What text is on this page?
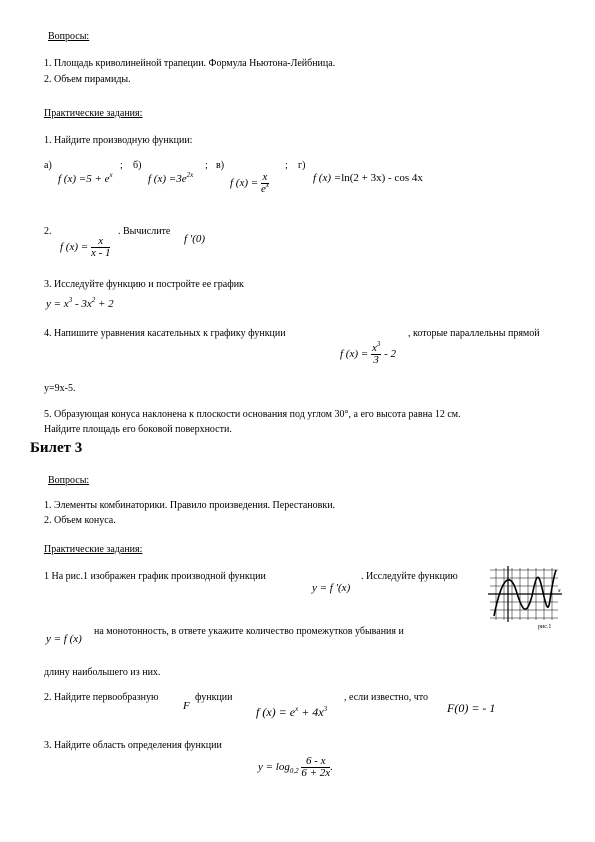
Вопросы:
1. Площадь криволинейной трапеции. Формула Ньютона-Лейбница.
2. Объем пирамиды.
Практические задания:
1. Найдите производную функции:
а)	; б)	; в)	; г)
f $(x) =5 + e^x$	f $(x) =3e^{2x}$
f $(x) = \frac{x}{e^x}$	f (x) =ln(2 + 3x) - cos 4x
2.
f $(x) = \frac{x}{x - 1}$
. Вычислите
f ′(0)
3. Исследуйте функцию и постройте ее график
$y = x^3 - 3x^2 + 2$
4. Напишите уравнения касательных к графику функции	, которые параллельны прямой
f $(x) = \frac{x^3}{3} - 2$
y=9x-5.
5. Образующая конуса наклонена к плоскости основания под углом 30°, а его высота равна 12 см.
Найдите площадь его боковой поверхности.
Билет 3
Вопросы:
1. Элементы комбинаторики. Правило произведения. Перестановки.
2. Объем конуса.
Практические задания:
1 На рис.1 изображен график производной функции
y = f ′(x)
. Исследуйте функцию
x
рис.1
y = f (x)
на монотонность, в ответе укажите количество промежутков убывания и
длину наибольшего из них.
2. Найдите первообразную
F
функции
f $(x) = e^x + 4x^3$
, если известно, что
F(0) = - 1
3. Найдите область определения функции
$y = \log_{0,2} \frac{6 - x}{6 + 2x}$ .
